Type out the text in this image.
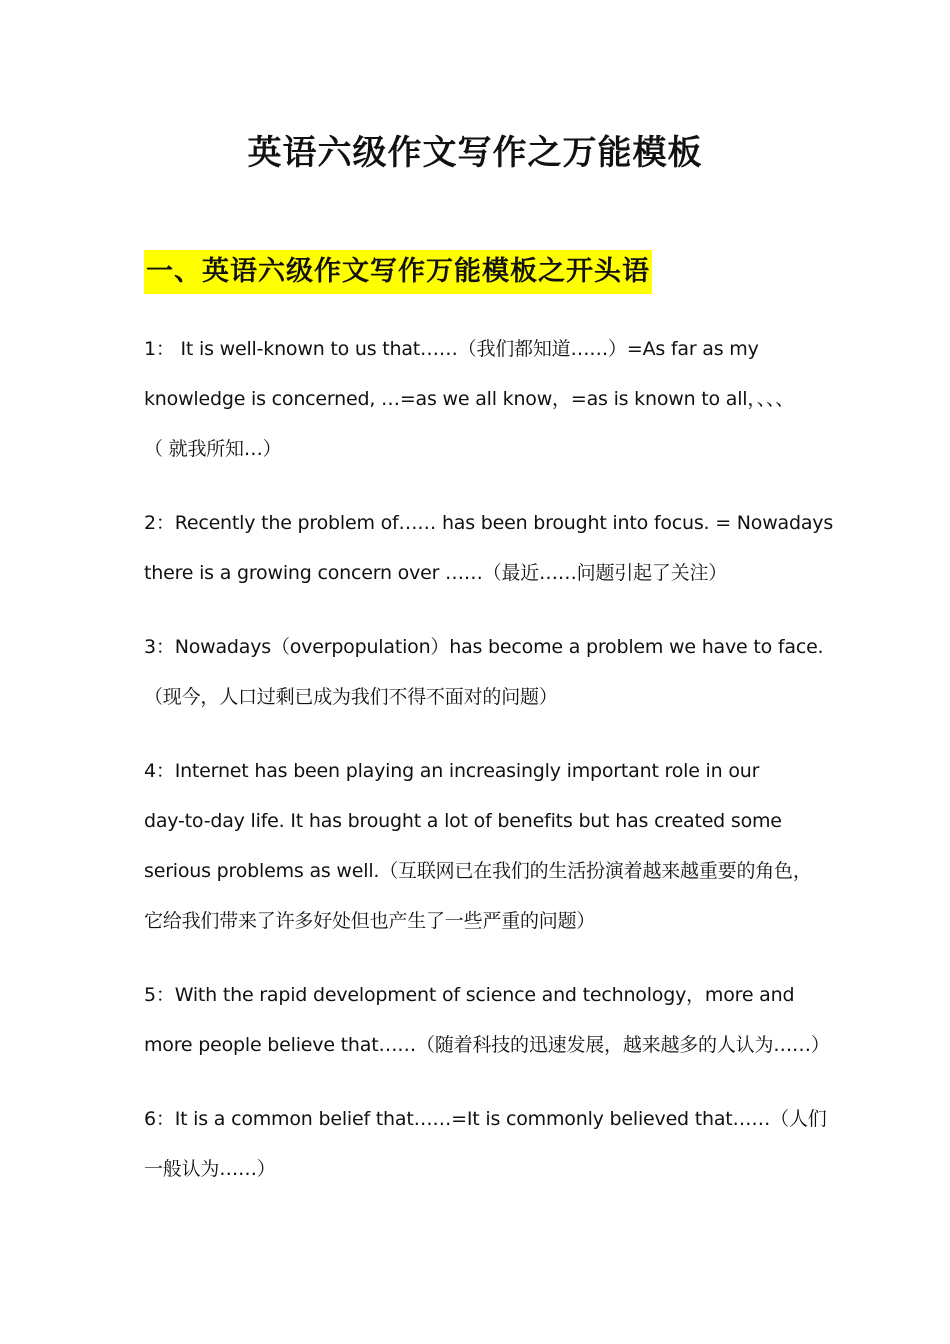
英语六级作文写作之万能模板
一、英语六级作文写作万能模板之开头语
1： It is well-known to us that……（我们都知道……）=As far as my
knowledge is concerned, …=as we all know，=as is known to all，、、、
（ 就我所知…）
2：Recently the problem of…… has been brought into focus. = Nowadays
there is a growing concern over ……（最近……问题引起了关注）
3：Nowadays（overpopulation）has become a problem we have to face.
（现今，人口过剩已成为我们不得不面对的问题）
4：Internet has been playing an increasingly important role in our
day-to-day life. It has brought a lot of benefits but has created some
serious problems as well.（互联网已在我们的生活扮演着越来越重要的角色，
它给我们带来了许多好处但也产生了一些严重的问题）
5：With the rapid development of science and technology，more and
more people believe that……（随着科技的迅速发展，越来越多的人认为……）
6：It is a common belief that……=It is commonly believed that……（人们
一般认为……）
